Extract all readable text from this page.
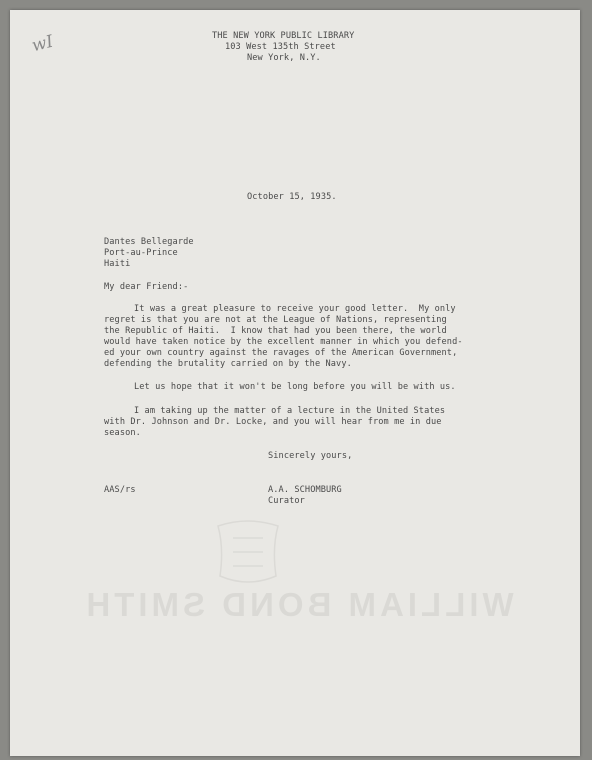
wI	THE NEW YORK PUBLIC LIBRARY
103 West 135th Street
New York, N.Y.
October 15, 1935.
Dantes Bellegarde
Port-au-Prince
Haiti
My dear Friend:-
It was a great pleasure to receive your good letter.  My only
regret is that you are not at the League of Nations, representing
the Republic of Haiti.  I know that had you been there, the world
would have taken notice by the excellent manner in which you defend-
ed your own country against the ravages of the American Government,
defending the brutality carried on by the Navy.
Let us hope that it won't be long before you will be with us.
I am taking up the matter of a lecture in the United States
with Dr. Johnson and Dr. Locke, and you will hear from me in due
season.
Sincerely yours,
AAS/rs	A.A. SCHOMBURG
Curator
WILLIAM BOND SMITH
